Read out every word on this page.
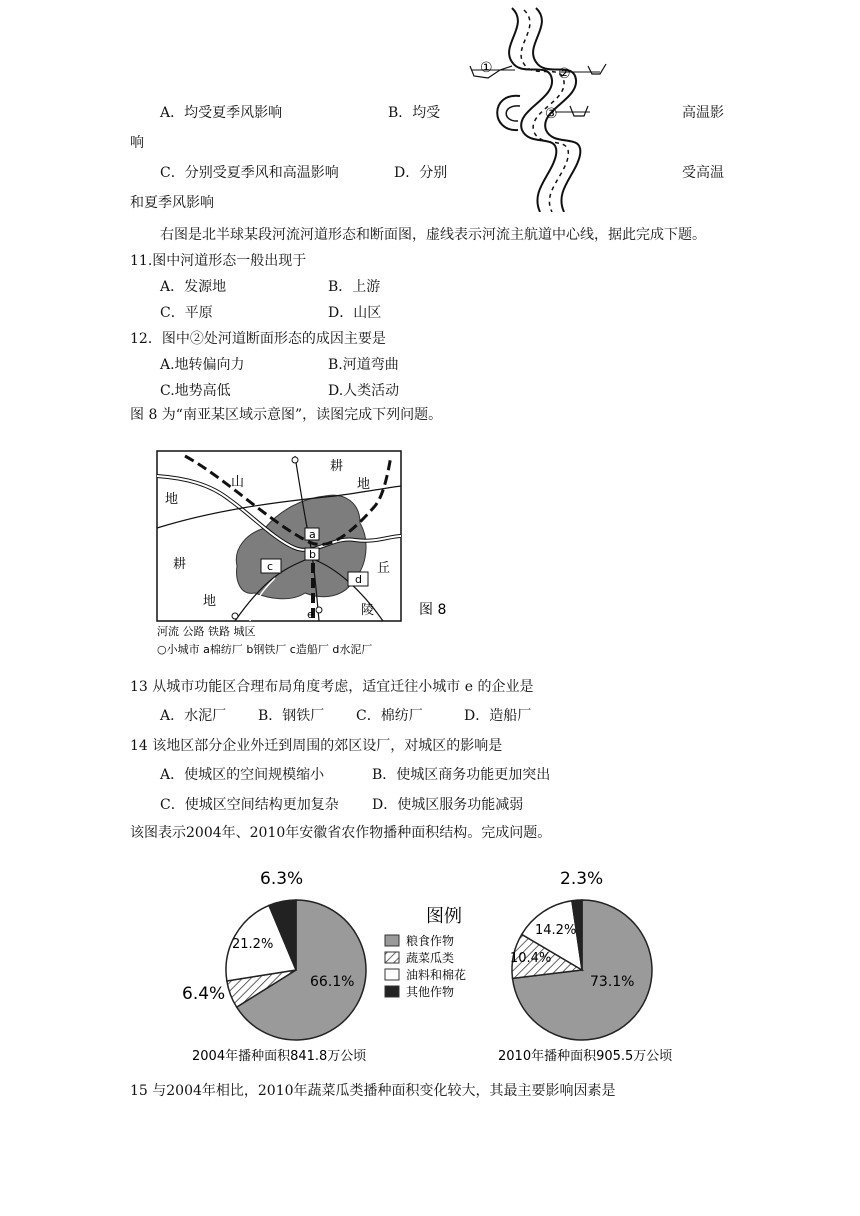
A．均受夏季风影响	B．均受	高温影
响
C．分别受夏季风和高温影响	D．分别	受高温
和夏季风影响
①	②
③
右图是北半球某段河流河道形态和断面图，虚线表示河流主航道中心线，据此完成下题。
11.图中河道形态一般出现于
A．发源地	B．上游
C．平原	D．山区
12．图中②处河道断面形态的成因主要是
A.地转偏向力	B.河道弯曲
C.地势高低	D.人类活动
图 8 为“南亚某区域示意图”，读图完成下列问题。
山
地
耕
地
耕
地
丘
陵
a
b
c
d
e	图 8
河流 公路 铁路 城区
○小城市 a棉纺厂 b钢铁厂 c造船厂 d水泥厂
13 从城市功能区合理布局角度考虑，适宜迁往小城市 e 的企业是
A．水泥厂 B．钢铁厂 C．棉纺厂	D．造船厂
14 该地区部分企业外迁到周围的郊区设厂，对城区的影响是
A．使城区的空间规模缩小	B．使城区商务功能更加突出
C．使城区空间结构更加复杂 D．使城区服务功能减弱
该图表示2004年、2010年安徽省农作物播种面积结构。完成问题。
66.1%
6.4%
21.2%
6.3%
73.1%
10.4%
14.2%
2.3%
图例
粮食作物
蔬菜瓜类
油料和棉花
其他作物
2004年播种面积841.8万公顷	2010年播种面积905.5万公顷
15 与2004年相比，2010年蔬菜瓜类播种面积变化较大，其最主要影响因素是
